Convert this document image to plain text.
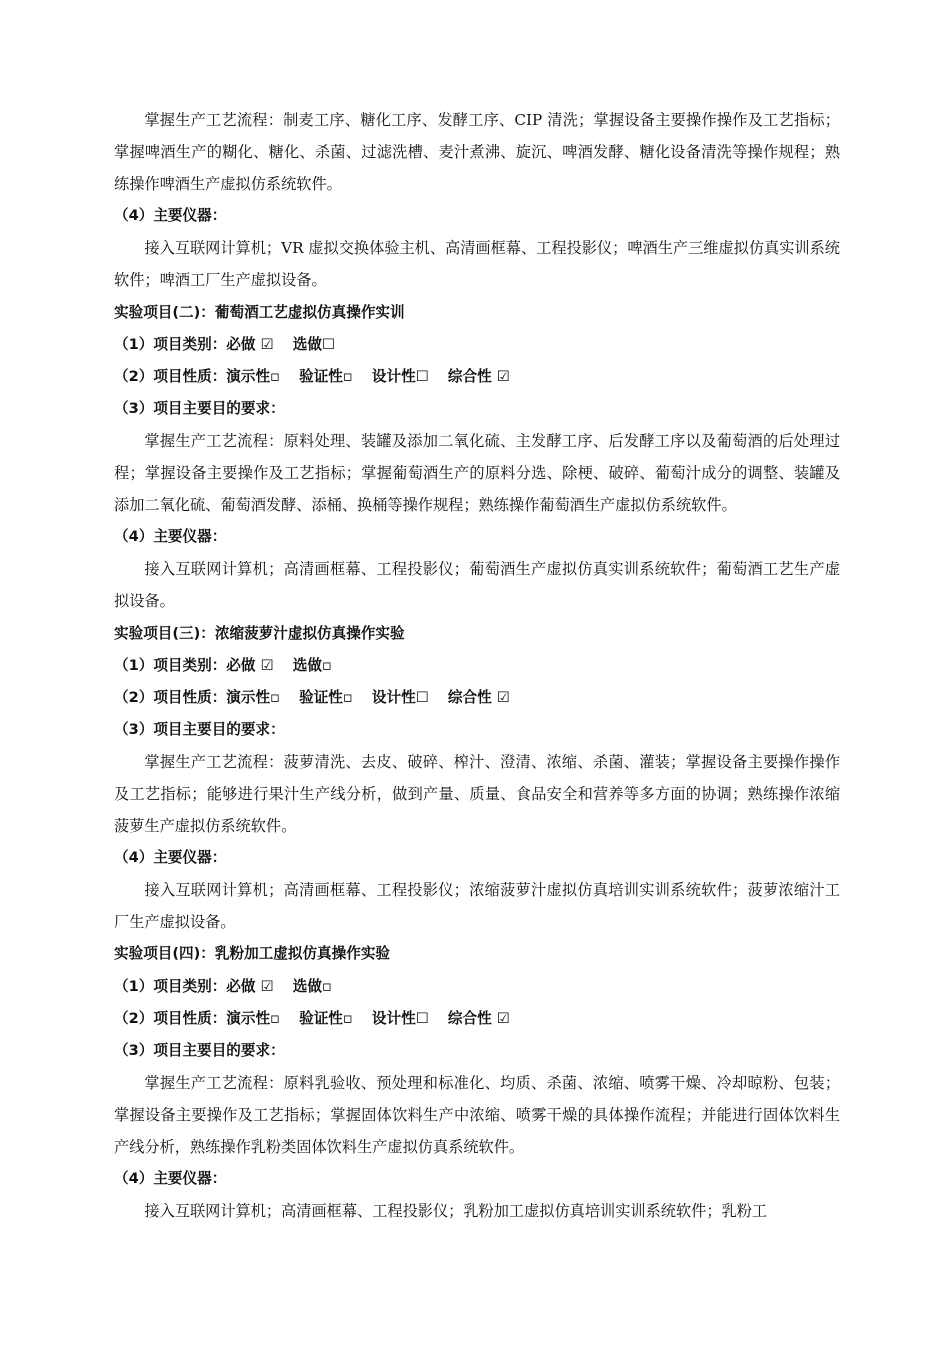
掌握生产工艺流程：制麦工序、糖化工序、发酵工序、CIP 清洗；掌握设备主要操作操作及工艺指标；掌握啤酒生产的糊化、糖化、杀菌、过滤洗槽、麦汁煮沸、旋沉、啤酒发酵、糖化设备清洗等操作规程；熟练操作啤酒生产虚拟仿系统软件。

（4）主要仪器：

接入互联网计算机；VR 虚拟交换体验主机、高清画框幕、工程投影仪；啤酒生产三维虚拟仿真实训系统软件；啤酒工厂生产虚拟设备。

实验项目(二)：葡萄酒工艺虚拟仿真操作实训

（1）项目类别：必做 ☑ 选做☐

（2）项目性质：演示性▫ 验证性▫ 设计性☐ 综合性 ☑

（3）项目主要目的要求：

掌握生产工艺流程：原料处理、装罐及添加二氧化硫、主发酵工序、后发酵工序以及葡萄酒的后处理过程；掌握设备主要操作及工艺指标；掌握葡萄酒生产的原料分选、除梗、破碎、葡萄汁成分的调整、装罐及添加二氧化硫、葡萄酒发酵、添桶、换桶等操作规程；熟练操作葡萄酒生产虚拟仿系统软件。

（4）主要仪器：

接入互联网计算机；高清画框幕、工程投影仪；葡萄酒生产虚拟仿真实训系统软件；葡萄酒工艺生产虚拟设备。

实验项目(三)：浓缩菠萝汁虚拟仿真操作实验

（1）项目类别：必做 ☑ 选做▫

（2）项目性质：演示性▫ 验证性▫ 设计性☐ 综合性 ☑

（3）项目主要目的要求：

掌握生产工艺流程：菠萝清洗、去皮、破碎、榨汁、澄清、浓缩、杀菌、灌装；掌握设备主要操作操作及工艺指标；能够进行果汁生产线分析，做到产量、质量、食品安全和营养等多方面的协调；熟练操作浓缩菠萝生产虚拟仿系统软件。

（4）主要仪器：

接入互联网计算机；高清画框幕、工程投影仪；浓缩菠萝汁虚拟仿真培训实训系统软件；菠萝浓缩汁工厂生产虚拟设备。

实验项目(四)：乳粉加工虚拟仿真操作实验

（1）项目类别：必做 ☑ 选做▫

（2）项目性质：演示性▫ 验证性▫ 设计性☐ 综合性 ☑

（3）项目主要目的要求：

掌握生产工艺流程：原料乳验收、预处理和标准化、均质、杀菌、浓缩、喷雾干燥、冷却晾粉、包装；掌握设备主要操作及工艺指标；掌握固体饮料生产中浓缩、喷雾干燥的具体操作流程；并能进行固体饮料生产线分析，熟练操作乳粉类固体饮料生产虚拟仿真系统软件。

（4）主要仪器：

接入互联网计算机；高清画框幕、工程投影仪；乳粉加工虚拟仿真培训实训系统软件；乳粉工
